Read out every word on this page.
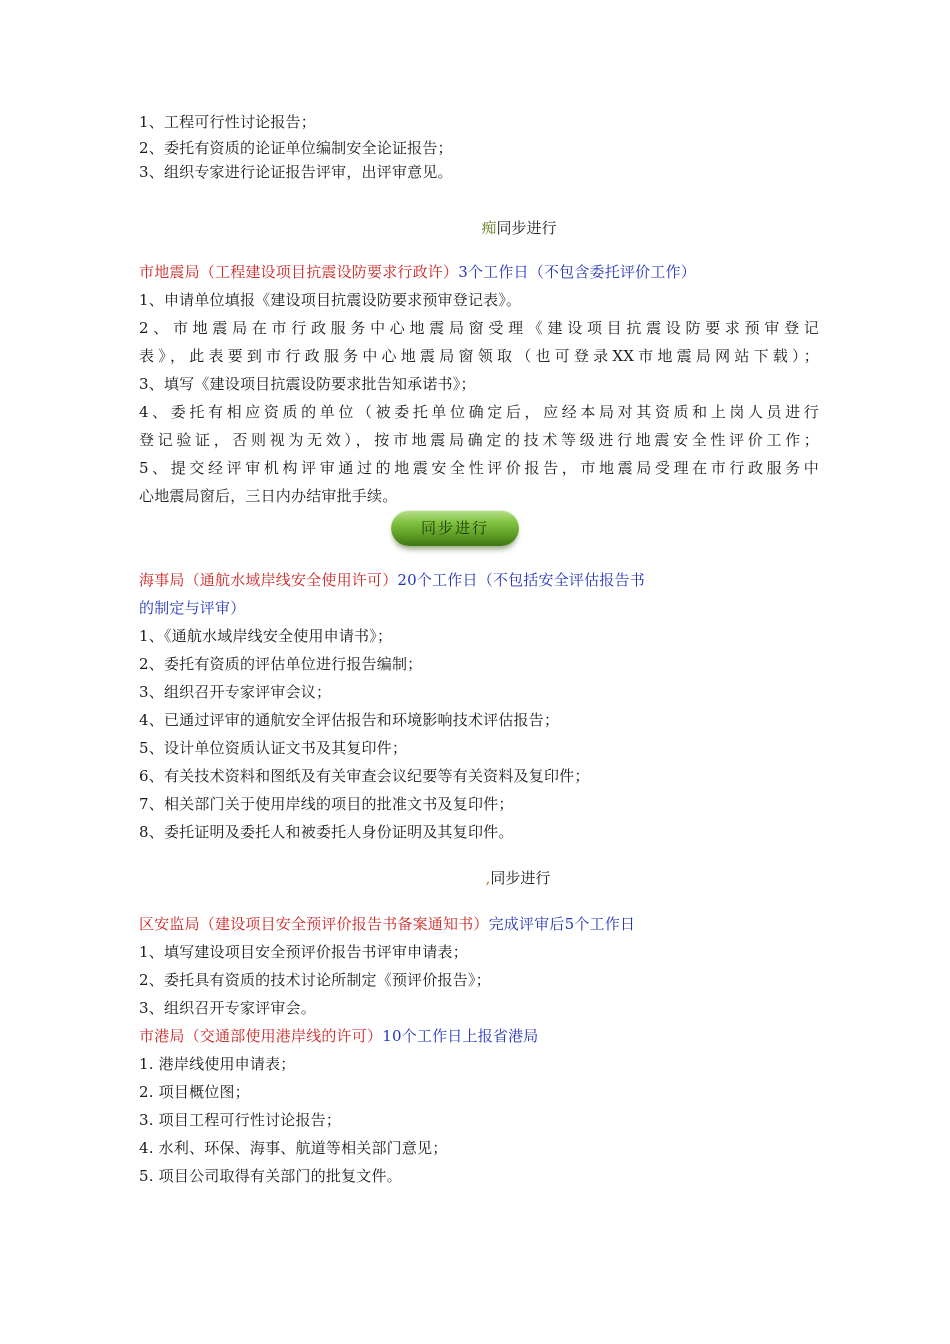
1、工程可行性讨论报告；
2、委托有资质的论证单位编制安全论证报告；
3、组织专家进行论证报告评审，出评审意见。
痴同步进行
市地震局（工程建设项目抗震设防要求行政许）3个工作日（不包含委托评价工作）
1、申请单位填报《建设项目抗震设防要求预审登记表》。
2、市地震局在市行政服务中心地震局窗受理《建设项目抗震设防要求预审登记
表》，此表要到市行政服务中心地震局窗领取（也可登录XX市地震局网站下载）；
3、填写《建设项目抗震设防要求批告知承诺书》；
4、委托有相应资质的单位（被委托单位确定后，应经本局对其资质和上岗人员进行
登记验证，否则视为无效），按市地震局确定的技术等级进行地震安全性评价工作；
5、提交经评审机构评审通过的地震安全性评价报告，市地震局受理在市行政服务中
心地震局窗后，三日内办结审批手续。
同步进行
海事局（通航水域岸线安全使用许可）20个工作日（不包括安全评估报告书
的制定与评审）
1、《通航水域岸线安全使用申请书》；
2、委托有资质的评估单位进行报告编制；
3、组织召开专家评审会议；
4、已通过评审的通航安全评估报告和环境影响技术评估报告；
5、设计单位资质认证文书及其复印件；
6、有关技术资料和图纸及有关审查会议纪要等有关资料及复印件；
7、相关部门关于使用岸线的项目的批准文书及复印件；
8、委托证明及委托人和被委托人身份证明及其复印件。
,同步进行
区安监局（建设项目安全预评价报告书备案通知书）完成评审后5个工作日
1、填写建设项目安全预评价报告书评审申请表；
2、委托具有资质的技术讨论所制定《预评价报告》；
3、组织召开专家评审会。
市港局（交通部使用港岸线的许可）10个工作日上报省港局
1. 港岸线使用申请表；
2. 项目概位图；
3. 项目工程可行性讨论报告；
4. 水利、环保、海事、航道等相关部门意见；
5. 项目公司取得有关部门的批复文件。
